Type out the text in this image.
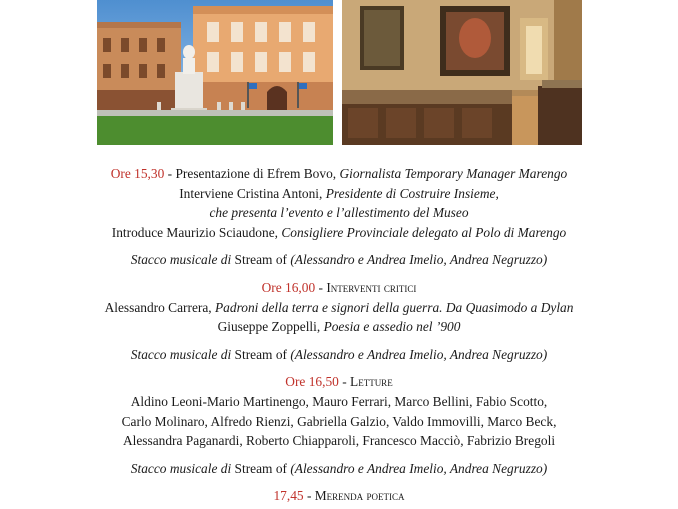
Ore 15,30 - Presentazione di Efrem Bovo, Giornalista Temporary Manager Marengo
Interviene Cristina Antoni, Presidente di Costruire Insieme,
che presenta l’evento e l’allestimento del Museo
Introduce Maurizio Sciaudone, Consigliere Provinciale delegato al Polo di Marengo
Stacco musicale di Stream of (Alessandro e Andrea Imelio, Andrea Negruzzo)
Ore 16,00 - Interventi critici
Alessandro Carrera, Padroni della terra e signori della guerra. Da Quasimodo a Dylan
Giuseppe Zoppelli, Poesia e assedio nel ’900
Stacco musicale di Stream of (Alessandro e Andrea Imelio, Andrea Negruzzo)
Ore 16,50 - Letture
Aldino Leoni-Mario Martinengo, Mauro Ferrari, Marco Bellini, Fabio Scotto,
Carlo Molinaro, Alfredo Rienzi, Gabriella Galzio, Valdo Immovilli, Marco Beck,
Alessandra Paganardi, Roberto Chiapparoli, Francesco Macciò, Fabrizio Bregoli
Stacco musicale di Stream of (Alessandro e Andrea Imelio, Andrea Negruzzo)
17,45 - Merenda poetica
